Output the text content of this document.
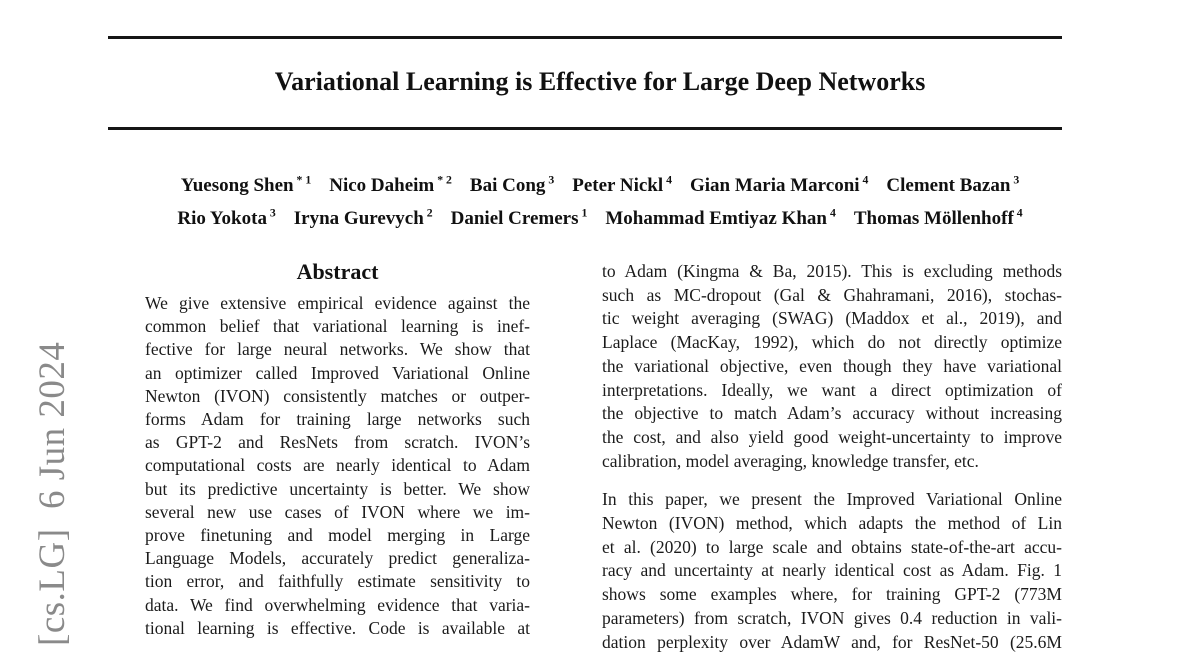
[cs.LG]  6 Jun 2024
Variational Learning is Effective for Large Deep Networks
Yuesong Shen $^{* 1}$ Nico Daheim $^{* 2}$ Bai Cong $^3$ Peter Nickl $^4$ Gian Maria Marconi $^4$ Clement Bazan $^3$
Rio Yokota $^3$ Iryna Gurevych $^2$ Daniel Cremers $^1$ Mohammad Emtiyaz Khan $^4$ Thomas Möllenhoff $^4$
Abstract
We give extensive empirical evidence against the
common belief that variational learning is inef-
fective for large neural networks. We show that
an optimizer called Improved Variational Online
Newton (IVON) consistently matches or outper-
forms Adam for training large networks such
as GPT-2 and ResNets from scratch. IVON’s
computational costs are nearly identical to Adam
but its predictive uncertainty is better. We show
several new use cases of IVON where we im-
prove finetuning and model merging in Large
Language Models, accurately predict generaliza-
tion error, and faithfully estimate sensitivity to
data. We find overwhelming evidence that varia-
tional learning is effective. Code is available at
to Adam (Kingma & Ba, 2015). This is excluding methods
such as MC-dropout (Gal & Ghahramani, 2016), stochas-
tic weight averaging (SWAG) (Maddox et al., 2019), and
Laplace (MacKay, 1992), which do not directly optimize
the variational objective, even though they have variational
interpretations. Ideally, we want a direct optimization of
the objective to match Adam’s accuracy without increasing
the cost, and also yield good weight-uncertainty to improve
calibration, model averaging, knowledge transfer, etc.
In this paper, we present the Improved Variational Online
Newton (IVON) method, which adapts the method of Lin
et al. (2020) to large scale and obtains state-of-the-art accu-
racy and uncertainty at nearly identical cost as Adam. Fig. 1
shows some examples where, for training GPT-2 (773M
parameters) from scratch, IVON gives 0.4 reduction in vali-
dation perplexity over AdamW and, for ResNet-50 (25.6M
